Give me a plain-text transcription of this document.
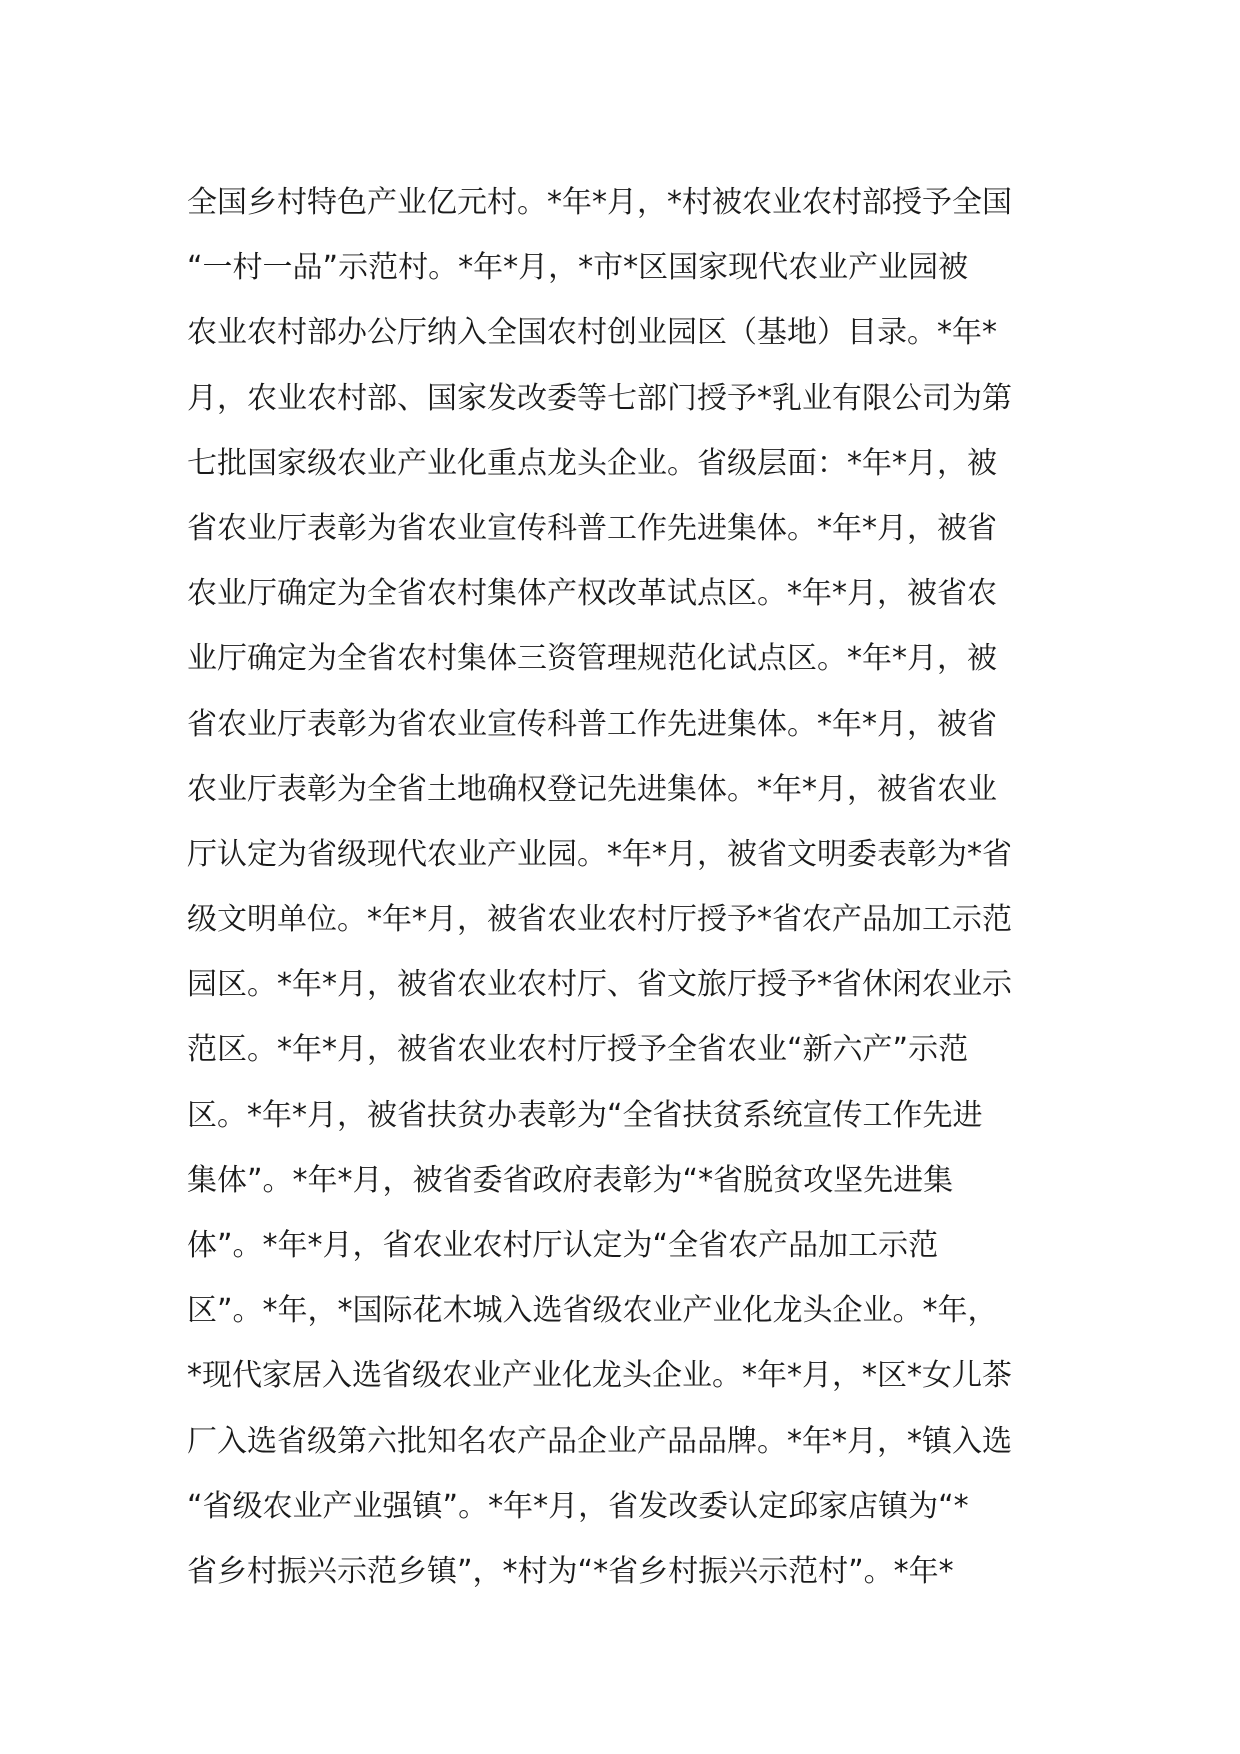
全国乡村特色产业亿元村。*年*月，*村被农业农村部授予全国
“一村一品”示范村。*年*月，*市*区国家现代农业产业园被
农业农村部办公厅纳入全国农村创业园区（基地）目录。*年*
月，农业农村部、国家发改委等七部门授予*乳业有限公司为第
七批国家级农业产业化重点龙头企业。省级层面：*年*月，被
省农业厅表彰为省农业宣传科普工作先进集体。*年*月，被省
农业厅确定为全省农村集体产权改革试点区。*年*月，被省农
业厅确定为全省农村集体三资管理规范化试点区。*年*月，被
省农业厅表彰为省农业宣传科普工作先进集体。*年*月，被省
农业厅表彰为全省土地确权登记先进集体。*年*月，被省农业
厅认定为省级现代农业产业园。*年*月，被省文明委表彰为*省
级文明单位。*年*月，被省农业农村厅授予*省农产品加工示范
园区。*年*月，被省农业农村厅、省文旅厅授予*省休闲农业示
范区。*年*月，被省农业农村厅授予全省农业“新六产”示范
区。*年*月，被省扶贫办表彰为“全省扶贫系统宣传工作先进
集体”。*年*月，被省委省政府表彰为“*省脱贫攻坚先进集
体”。*年*月，省农业农村厅认定为“全省农产品加工示范
区”。*年，*国际花木城入选省级农业产业化龙头企业。*年，
*现代家居入选省级农业产业化龙头企业。*年*月，*区*女儿茶
厂入选省级第六批知名农产品企业产品品牌。*年*月，*镇入选
“省级农业产业强镇”。*年*月，省发改委认定邱家店镇为“*
省乡村振兴示范乡镇”，*村为“*省乡村振兴示范村”。*年*
